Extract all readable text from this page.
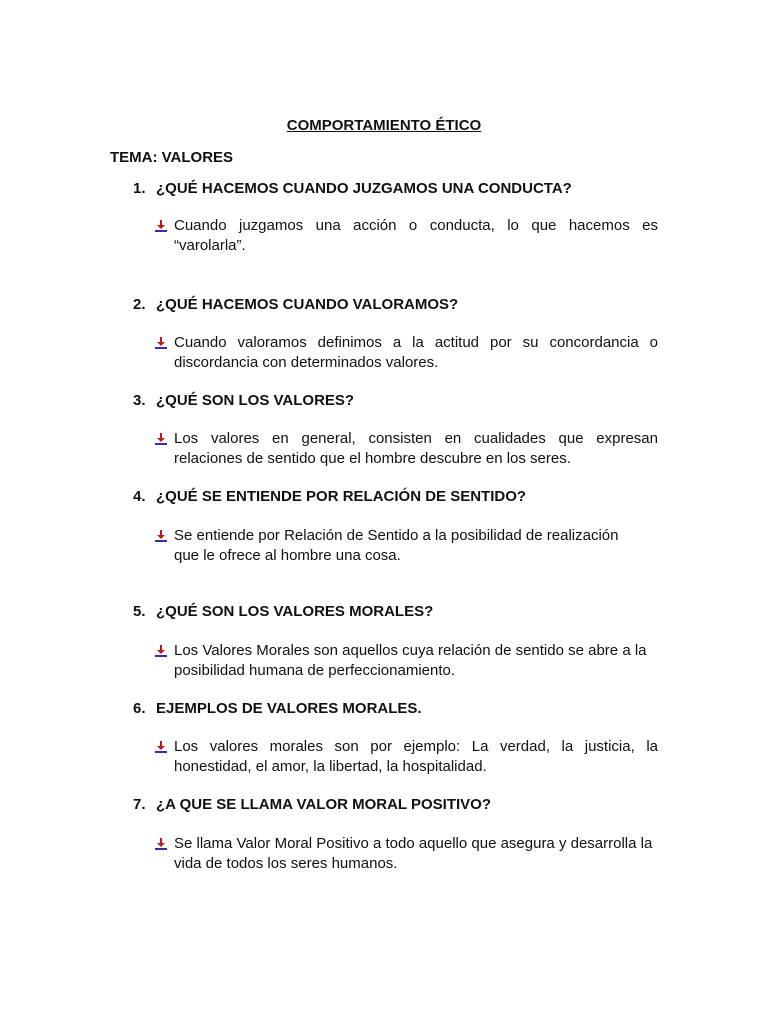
COMPORTAMIENTO ÉTICO
TEMA: VALORES
1. ¿QUÉ HACEMOS CUANDO JUZGAMOS UNA CONDUCTA?
Cuando juzgamos una acción o conducta, lo que hacemos es “varolarla”.
2. ¿QUÉ HACEMOS CUANDO VALORAMOS?
Cuando valoramos definimos a la actitud por su concordancia o discordancia con determinados valores.
3. ¿QUÉ SON LOS VALORES?
Los valores en general, consisten en cualidades que expresan relaciones de sentido que el hombre descubre en los seres.
4. ¿QUÉ SE ENTIENDE POR RELACIÓN DE SENTIDO?
Se entiende por Relación de Sentido a la posibilidad de realización que le ofrece al hombre una cosa.
5. ¿QUÉ SON LOS VALORES MORALES?
Los Valores Morales son aquellos cuya relación de sentido se abre a la posibilidad humana de perfeccionamiento.
6. EJEMPLOS DE VALORES MORALES.
Los valores morales son por ejemplo: La verdad, la justicia, la honestidad, el amor, la libertad, la hospitalidad.
7. ¿A QUE SE LLAMA VALOR MORAL POSITIVO?
Se llama Valor Moral Positivo a todo aquello que asegura y desarrolla la vida de todos los seres humanos.
